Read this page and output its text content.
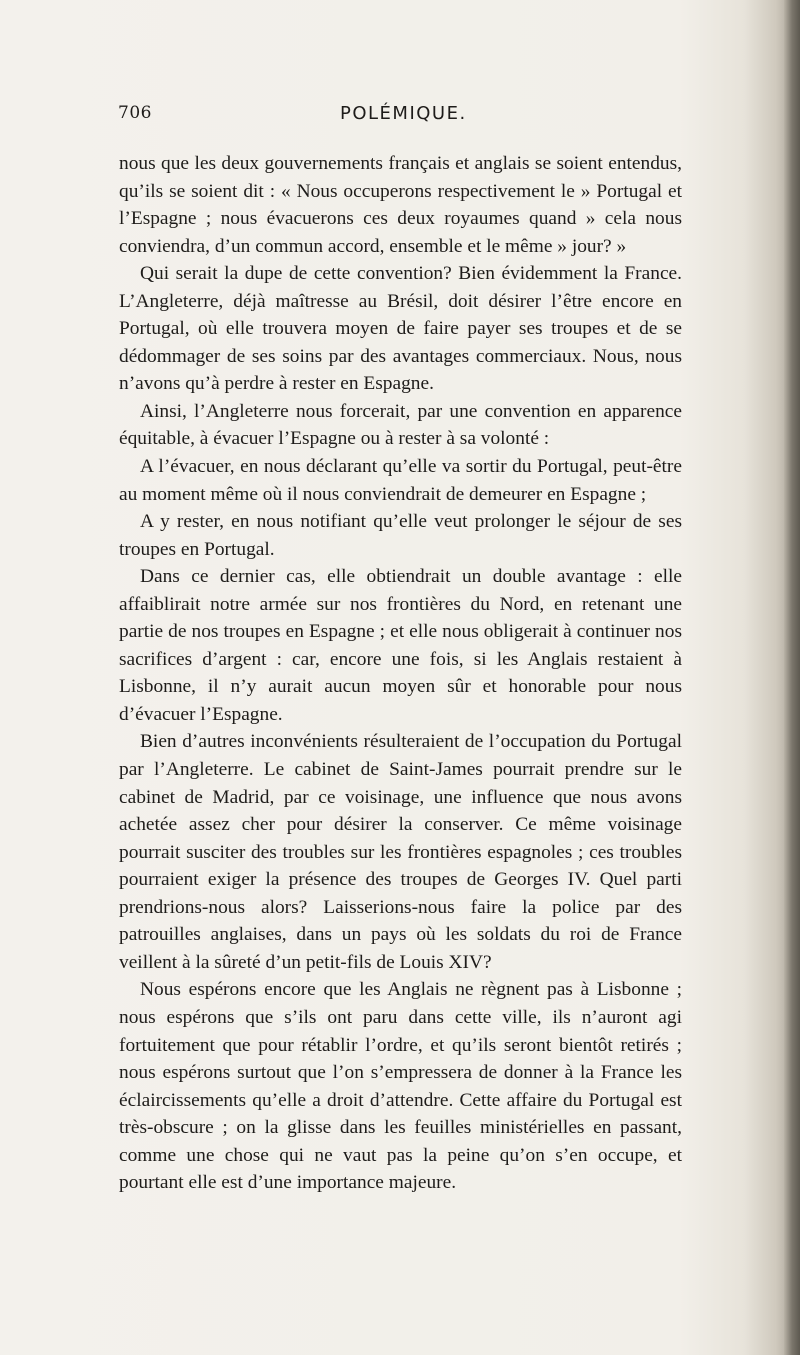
706	POLÉMIQUE.

nous que les deux gouvernements français et anglais se soient entendus, qu’ils se soient dit : « Nous occuperons respectivement le » Portugal et l’Espagne ; nous évacuerons ces deux royaumes quand » cela nous conviendra, d’un commun accord, ensemble et le même » jour? »

Qui serait la dupe de cette convention? Bien évidemment la France. L’Angleterre, déjà maîtresse au Brésil, doit désirer l’être encore en Portugal, où elle trouvera moyen de faire payer ses troupes et de se dédommager de ses soins par des avantages commerciaux. Nous, nous n’avons qu’à perdre à rester en Espagne.

Ainsi, l’Angleterre nous forcerait, par une convention en apparence équitable, à évacuer l’Espagne ou à rester à sa volonté :

A l’évacuer, en nous déclarant qu’elle va sortir du Portugal, peut-être au moment même où il nous conviendrait de demeurer en Espagne ;

A y rester, en nous notifiant qu’elle veut prolonger le séjour de ses troupes en Portugal.

Dans ce dernier cas, elle obtiendrait un double avantage : elle affaiblirait notre armée sur nos frontières du Nord, en retenant une partie de nos troupes en Espagne ; et elle nous obligerait à continuer nos sacrifices d’argent : car, encore une fois, si les Anglais restaient à Lisbonne, il n’y aurait aucun moyen sûr et honorable pour nous d’évacuer l’Espagne.

Bien d’autres inconvénients résulteraient de l’occupation du Portugal par l’Angleterre. Le cabinet de Saint-James pourrait prendre sur le cabinet de Madrid, par ce voisinage, une influence que nous avons achetée assez cher pour désirer la conserver. Ce même voisinage pourrait susciter des troubles sur les frontières espagnoles ; ces troubles pourraient exiger la présence des troupes de Georges IV. Quel parti prendrions-nous alors? Laisserions-nous faire la police par des patrouilles anglaises, dans un pays où les soldats du roi de France veillent à la sûreté d’un petit-fils de Louis XIV?

Nous espérons encore que les Anglais ne règnent pas à Lisbonne ; nous espérons que s’ils ont paru dans cette ville, ils n’auront agi fortuitement que pour rétablir l’ordre, et qu’ils seront bientôt retirés ; nous espérons surtout que l’on s’empressera de donner à la France les éclaircissements qu’elle a droit d’attendre. Cette affaire du Portugal est très-obscure ; on la glisse dans les feuilles ministérielles en passant, comme une chose qui ne vaut pas la peine qu’on s’en occupe, et pourtant elle est d’une importance majeure.
